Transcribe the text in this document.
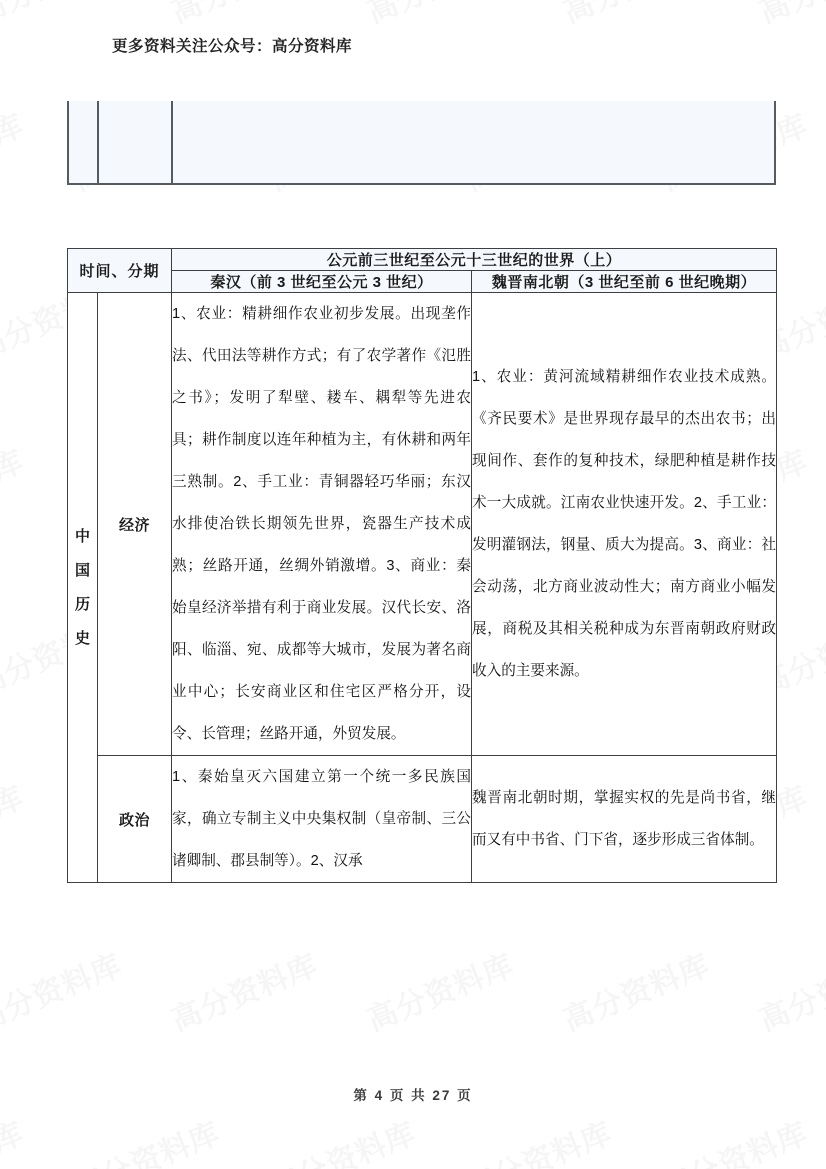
更多资料关注公众号：高分资料库
时间、分期		公元前三世纪至公元十三世纪的世界（上）	
		秦汉（前 3 世纪至公元 3 世纪）	魏晋南北朝（3 世纪至前 6 世纪晚期）

中
国
历
史
	经济	1、农业：精耕细作农业初步发展。出现垄作法、代田法等耕作方式；有了农学著作《氾胜之书》；发明了犁壁、耧车、耦犁等先进农具；耕作制度以连年种植为主，有休耕和两年三熟制。2、手工业：青铜器轻巧华丽；东汉水排使冶铁长期领先世界，瓷器生产技术成熟；丝路开通，丝绸外销激增。3、商业：秦始皇经济举措有利于商业发展。汉代长安、洛阳、临淄、宛、成都等大城市，发展为著名商业中心；长安商业区和住宅区严格分开，设令、长管理；丝路开通，外贸发展。	1、农业：黄河流域精耕细作农业技术成熟。《齐民要术》是世界现存最早的杰出农书；出现间作、套作的复种技术，绿肥种植是耕作技术一大成就。江南农业快速开发。2、手工业：发明灌钢法，钢量、质大为提高。3、商业：社会动荡，北方商业波动性大；南方商业小幅发展，商税及其相关税种成为东晋南朝政府财政收入的主要来源。
	政治	1、秦始皇灭六国建立第一个统一多民族国家，确立专制主义中央集权制（皇帝制、三公诸卿制、郡县制等）。2、汉承	魏晋南北朝时期，掌握实权的先是尚书省，继而又有中书省、门下省，逐步形成三省体制。
第 4 页 共 27 页
